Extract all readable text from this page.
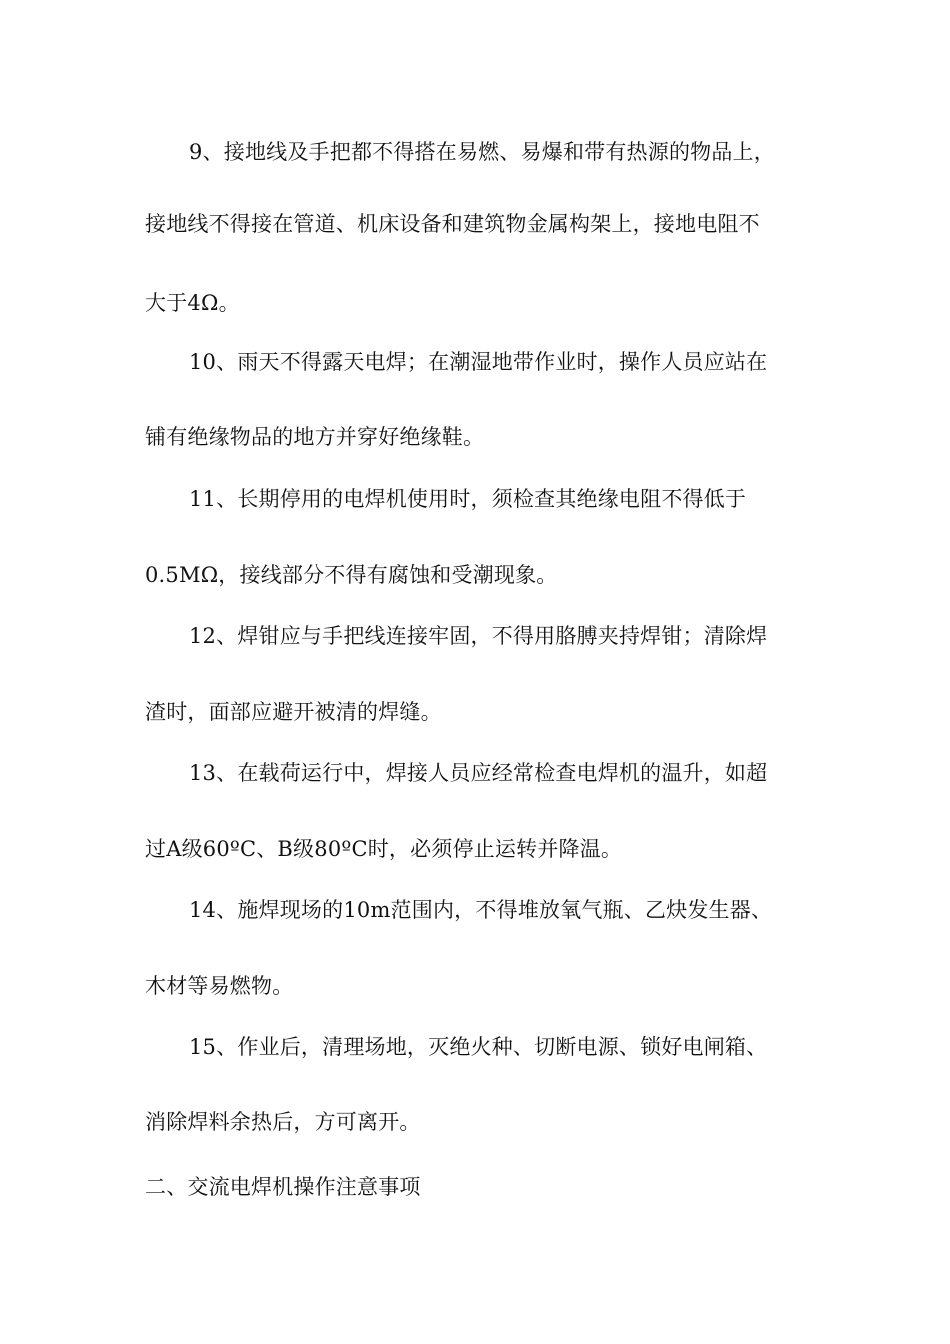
9、接地线及手把都不得搭在易燃、易爆和带有热源的物品上，
接地线不得接在管道、机床设备和建筑物金属构架上，接地电阻不
大于4Ω。
10、雨天不得露天电焊；在潮湿地带作业时，操作人员应站在
铺有绝缘物品的地方并穿好绝缘鞋。
11、长期停用的电焊机使用时，须检查其绝缘电阻不得低于
0.5MΩ，接线部分不得有腐蚀和受潮现象。
12、焊钳应与手把线连接牢固，不得用胳膊夹持焊钳；清除焊
渣时，面部应避开被清的焊缝。
13、在载荷运行中，焊接人员应经常检查电焊机的温升，如超
过A级60ºC、B级80ºC时，必须停止运转并降温。
14、施焊现场的10m范围内，不得堆放氧气瓶、乙炔发生器、
木材等易燃物。
15、作业后，清理场地，灭绝火种、切断电源、锁好电闸箱、
消除焊料余热后，方可离开。
二、交流电焊机操作注意事项
